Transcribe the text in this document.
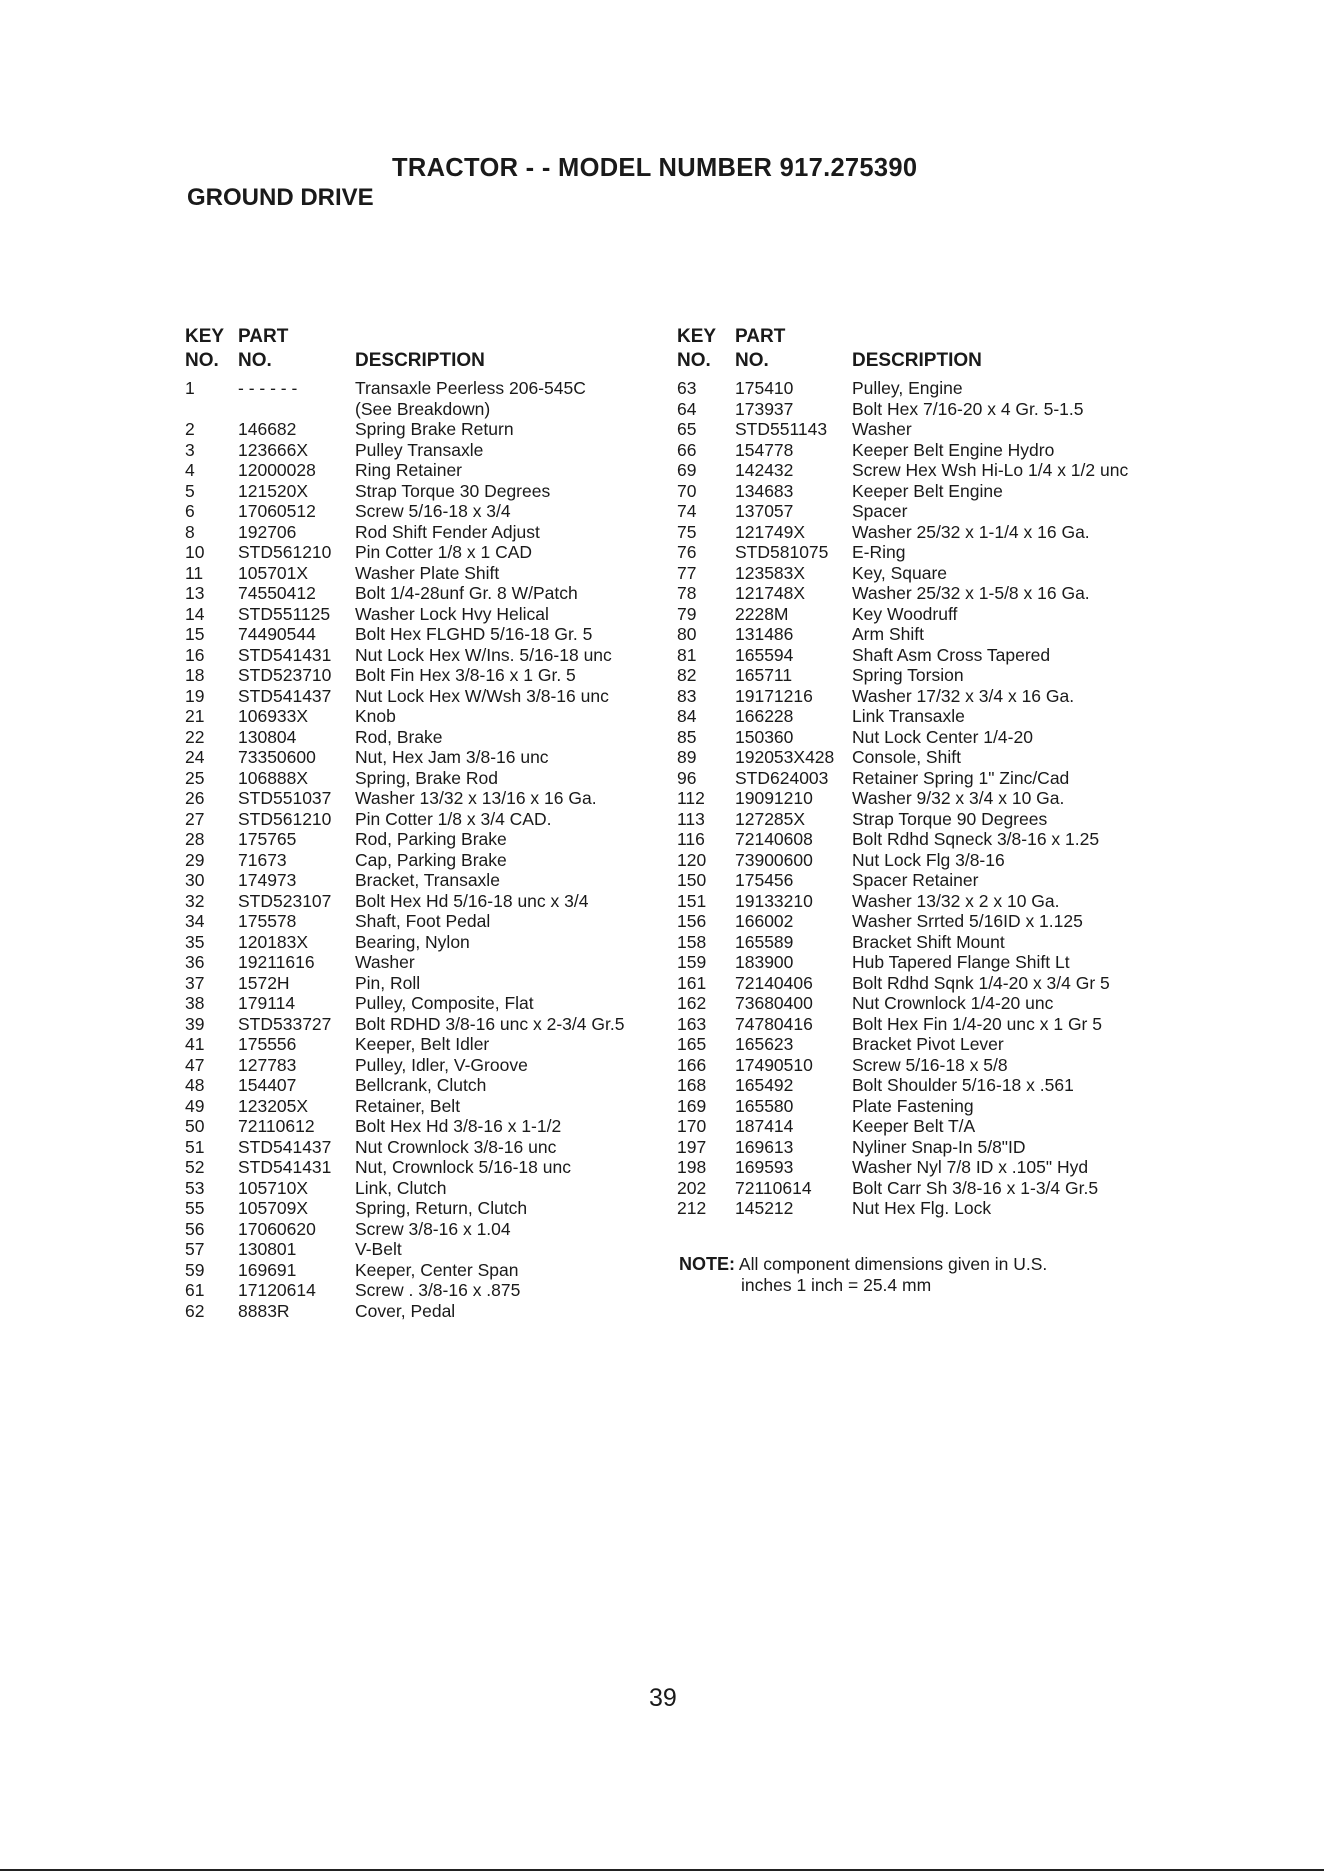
TRACTOR - - MODEL NUMBER 917.275390
GROUND DRIVE
KEY PART
NO. NO.	DESCRIPTION
1 - - - - - -	Transaxle Peerless 206-545C
(See Breakdown)
2 146682	Spring Brake Return
3 123666X	Pulley Transaxle
4 12000028 Ring Retainer
5 121520X	Strap Torque 30 Degrees
6 17060512 Screw 5/16-18 x 3/4
8 192706	Rod Shift Fender Adjust
10 STD561210 Pin Cotter 1/8 x 1 CAD
11 105701X	Washer Plate Shift
13 74550412 Bolt 1/4-28unf Gr. 8 W/Patch
14 STD551125 Washer Lock Hvy Helical
15 74490544 Bolt Hex FLGHD 5/16-18 Gr. 5
16 STD541431 Nut Lock Hex W/Ins. 5/16-18 unc
18 STD523710 Bolt Fin Hex 3/8-16 x 1 Gr. 5
19 STD541437 Nut Lock Hex W/Wsh 3/8-16 unc
21 106933X	Knob
22 130804	Rod, Brake
24 73350600 Nut, Hex Jam 3/8-16 unc
25 106888X	Spring, Brake Rod
26 STD551037 Washer 13/32 x 13/16 x 16 Ga.
27 STD561210 Pin Cotter 1/8 x 3/4 CAD.
28 175765	Rod, Parking Brake
29 71673	Cap, Parking Brake
30 174973	Bracket, Transaxle
32 STD523107 Bolt Hex Hd 5/16-18 unc x 3/4
34 175578	Shaft, Foot Pedal
35 120183X	Bearing, Nylon
36 19211616 Washer
37 1572H	Pin, Roll
38 179114	Pulley, Composite, Flat
39 STD533727 Bolt RDHD 3/8-16 unc x 2-3/4 Gr.5
41 175556	Keeper, Belt Idler
47 127783	Pulley, Idler, V-Groove
48 154407	Bellcrank, Clutch
49 123205X	Retainer, Belt
50 72110612 Bolt Hex Hd 3/8-16 x 1-1/2
51 STD541437 Nut Crownlock 3/8-16 unc
52 STD541431 Nut, Crownlock 5/16-18 unc
53 105710X	Link, Clutch
55 105709X	Spring, Return, Clutch
56 17060620 Screw 3/8-16 x 1.04
57 130801	V-Belt
59 169691	Keeper, Center Span
61 17120614 Screw . 3/8-16 x .875
62 8883R	Cover, Pedal
KEY PART
NO. NO.	DESCRIPTION
63 175410	Pulley, Engine
64 173937	Bolt Hex 7/16-20 x 4 Gr. 5-1.5
65 STD551143 Washer
66 154778	Keeper Belt Engine Hydro
69 142432	Screw Hex Wsh Hi-Lo 1/4 x 1/2 unc
70 134683	Keeper Belt Engine
74 137057	Spacer
75 121749X	Washer 25/32 x 1-1/4 x 16 Ga.
76 STD581075 E-Ring
77 123583X	Key, Square
78 121748X	Washer 25/32 x 1-5/8 x 16 Ga.
79 2228M	Key Woodruff
80 131486	Arm Shift
81 165594	Shaft Asm Cross Tapered
82 165711	Spring Torsion
83 19171216 Washer 17/32 x 3/4 x 16 Ga.
84 166228	Link Transaxle
85 150360	Nut Lock Center 1/4-20
89 192053X428 Console, Shift
96 STD624003 Retainer Spring 1" Zinc/Cad
112 19091210 Washer 9/32 x 3/4 x 10 Ga.
113 127285X	Strap Torque 90 Degrees
116 72140608 Bolt Rdhd Sqneck 3/8-16 x 1.25
120 73900600 Nut Lock Flg 3/8-16
150 175456	Spacer Retainer
151 19133210 Washer 13/32 x 2 x 10 Ga.
156 166002	Washer Srrted 5/16ID x 1.125
158 165589	Bracket Shift Mount
159 183900	Hub Tapered Flange Shift Lt
161 72140406 Bolt Rdhd Sqnk 1/4-20 x 3/4 Gr 5
162 73680400 Nut Crownlock 1/4-20 unc
163 74780416 Bolt Hex Fin 1/4-20 unc x 1 Gr 5
165 165623	Bracket Pivot Lever
166 17490510 Screw 5/16-18 x 5/8
168 165492	Bolt Shoulder 5/16-18 x .561
169 165580	Plate Fastening
170 187414	Keeper Belt T/A
197 169613	Nyliner Snap-In 5/8"ID
198 169593	Washer Nyl 7/8 ID x .105" Hyd
202 72110614 Bolt Carr Sh 3/8-16 x 1-3/4 Gr.5
212 145212	Nut Hex Flg. Lock
NOTE: All component dimensions given in U.S.
inches 1 inch = 25.4 mm
39
